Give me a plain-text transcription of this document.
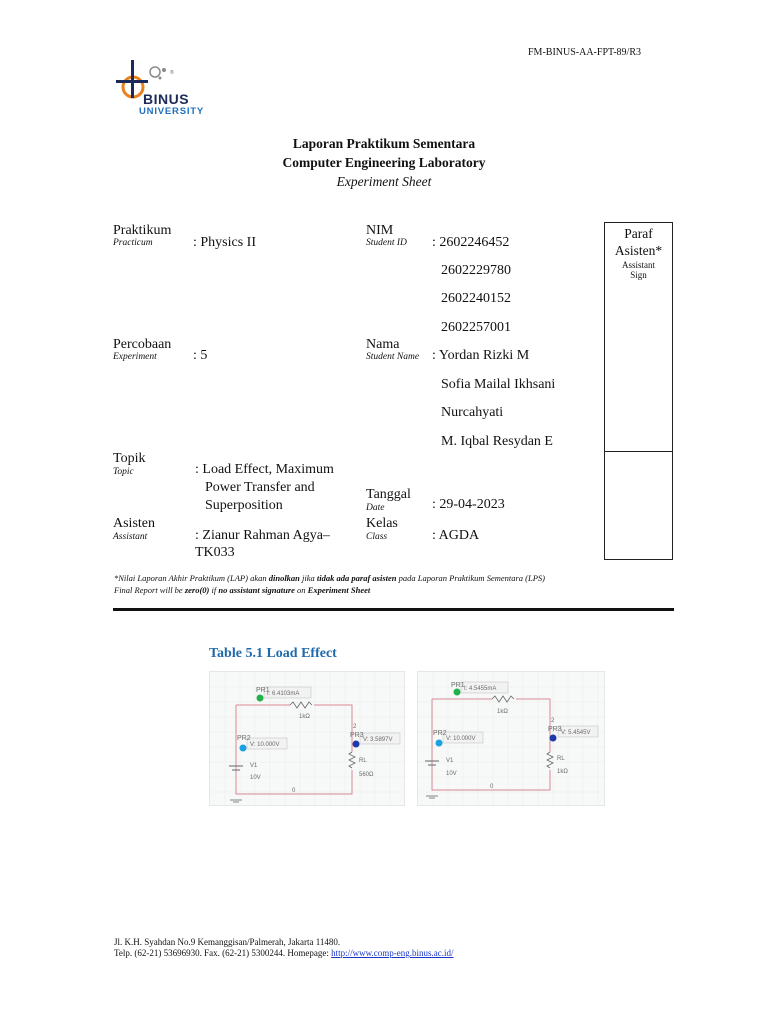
FM-BINUS-AA-FPT-89/R3
®
BINUS
UNIVERSITY
Laporan Praktikum Sementara
Computer Engineering Laboratory
Experiment Sheet
Praktikum
Practicum	: Physics II
Percobaan
Experiment	: 5
Topik
Topic	: Load Effect, Maximum
Power Transfer and
Superposition
Asisten
Assistant	: Zianur Rahman Agya–
TK033
NIM
Student ID : 2602246452
2602229780
2602240152
2602257001
Nama
Student Name : Yordan Rizki M
Sofia Mailal Ikhsani
Nurcahyati
M. Iqbal Resydan E
Tanggal
Date	: 29-04-2023
Kelas
Class	: AGDA
Paraf
Asisten*
Assistant
Sign
*Nilai Laporan Akhir Praktikum (LAP) akan dinolkan jika tidak ada paraf asisten pada Laporan Praktikum Sementara (LPS)
Final Report will be zero(0) if no assistant signature on Experiment Sheet
Table 5.1 Load Effect
PR1
I: 6.4103mA
1kΩ
PR2
V: 10.000V
2
PR3
V: 3.5897V
V1
10V
RL
560Ω
0
PR1 I: 4.5455mA
1kΩ
PR2
V: 10.000V
2
PR3 V: 5.4545V
V1
10V
RL
1kΩ
0
Jl. K.H. Syahdan No.9 Kemanggisan/Palmerah, Jakarta 11480.
Telp. (62-21) 53696930. Fax. (62-21) 5300244. Homepage: http://www.comp-eng.binus.ac.id/
